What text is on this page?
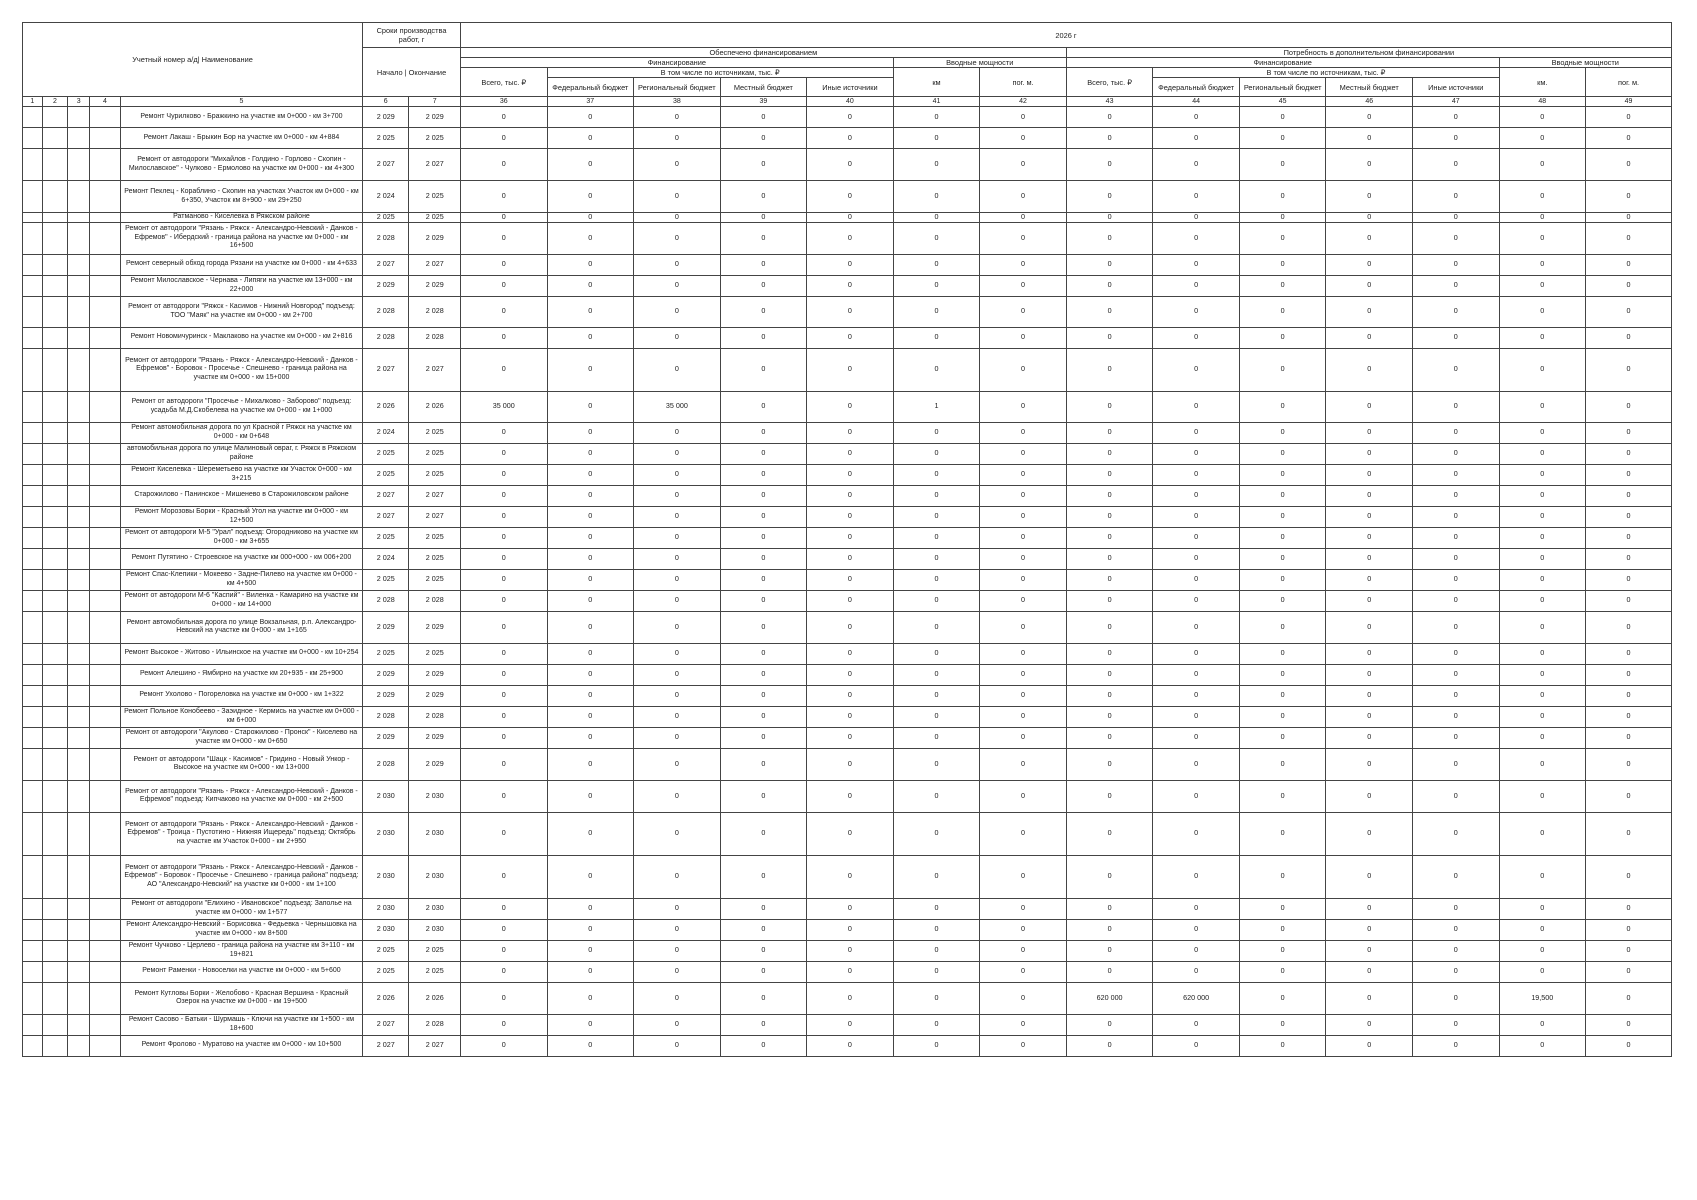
Учетный номер а/д| Наименование					Сроки производства работ, г		2026 г													
					Начало | Окончание		Обеспечено финансированием							Потребность в дополнительном финансировании						
							Финансирование					Вводные мощности		Финансирование					Вводные мощности	
							Всего, тыс. ₽	В том числе по источникам, тыс. ₽				км	пог. м.	Всего, тыс. ₽	В том числе по источникам, тыс. ₽				км.	пог. м.
								Федеральный бюджет	Региональный бюджет	Местный бюджет	Иные источники				Федеральный бюджет	Региональный бюджет	Местный бюджет	Иные источники		
1	2	3	4	5	6	7	36	37	38	39	40	41	42	43	44	45	46	47	48	49
				Ремонт Чурилково - Бражкино на участке км 0+000 - км 3+700	2 029	2 029	0	0	0	0	0	0	0	0	0	0	0	0	0	0
				Ремонт Лакаш - Брыкин Бор на участке км 0+000 - км 4+884	2 025	2 025	0	0	0	0	0	0	0	0	0	0	0	0	0	0
				Ремонт от автодороги "Михайлов - Голдино - Горлово - Скопин - Милославское" - Чулково - Ермолово на участке км 0+000 - км 4+300	2 027	2 027	0	0	0	0	0	0	0	0	0	0	0	0	0	0
				Ремонт Пеклец - Кораблино - Скопин на участках Участок км 0+000 - км 6+350, Участок км 8+900 - км 29+250	2 024	2 025	0	0	0	0	0	0	0	0	0	0	0	0	0	0
				Ратманово - Киселевка в Ряжском районе	2 025	2 025	0	0	0	0	0	0	0	0	0	0	0	0	0	0
				Ремонт от автодороги "Рязань - Ряжск - Александро-Невский - Данков - Ефремов" - Ибердский - граница района на участке км 0+000 - км 16+500	2 028	2 029	0	0	0	0	0	0	0	0	0	0	0	0	0	0
				Ремонт северный обход города Рязани на участке км 0+000 - км 4+633	2 027	2 027	0	0	0	0	0	0	0	0	0	0	0	0	0	0
				Ремонт Милославское - Чернава - Липяги на участке км 13+000 - км 22+000	2 029	2 029	0	0	0	0	0	0	0	0	0	0	0	0	0	0
				Ремонт от автодороги "Ряжск - Касимов - Нижний Новгород" подъезд: ТОО "Маяк" на участке км 0+000 - км 2+700	2 028	2 028	0	0	0	0	0	0	0	0	0	0	0	0	0	0
				Ремонт Новомичуринск - Маклаково на участке км 0+000 - км 2+816	2 028	2 028	0	0	0	0	0	0	0	0	0	0	0	0	0	0
				Ремонт от автодороги "Рязань - Ряжск - Александро-Невский - Данков - Ефремов" - Боровок - Просечье - Спешнево - граница района на участке км 0+000 - км 15+000	2 027	2 027	0	0	0	0	0	0	0	0	0	0	0	0	0	0
				Ремонт от автодороги "Просечье - Михалково - Заборово" подъезд: усадьба М.Д.Скобелева на участке км 0+000 - км 1+000	2 026	2 026	35 000	0	35 000	0	0	1	0	0	0	0	0	0	0	0
				Ремонт автомобильная дорога по ул Красной г Ряжск на участке км 0+000 - км 0+648	2 024	2 025	0	0	0	0	0	0	0	0	0	0	0	0	0	0
				автомобильная дорога по улице Малиновый овраг, г. Ряжск в Ряжском районе	2 025	2 025	0	0	0	0	0	0	0	0	0	0	0	0	0	0
				Ремонт Киселевка - Шереметьево на участке км Участок 0+000 - км 3+215	2 025	2 025	0	0	0	0	0	0	0	0	0	0	0	0	0	0
				Старожилово - Панинское - Мишенево в Старожиловском районе	2 027	2 027	0	0	0	0	0	0	0	0	0	0	0	0	0	0
				Ремонт Морозовы Борки - Красный Угол на участке км 0+000 - км 12+500	2 027	2 027	0	0	0	0	0	0	0	0	0	0	0	0	0	0
				Ремонт от автодороги М-5 "Урал" подъезд: Огородниково на участке км 0+000 - км 3+655	2 025	2 025	0	0	0	0	0	0	0	0	0	0	0	0	0	0
				Ремонт Путятино - Строевское на участке км 000+000 - км 006+200	2 024	2 025	0	0	0	0	0	0	0	0	0	0	0	0	0	0
				Ремонт Спас-Клепики - Мокеево - Задне-Пилево на участке км 0+000 - км 4+500	2 025	2 025	0	0	0	0	0	0	0	0	0	0	0	0	0	0
				Ремонт от автодороги М-6 "Каспий" - Виленка - Камарино на участке км 0+000 - км 14+000	2 028	2 028	0	0	0	0	0	0	0	0	0	0	0	0	0	0
				Ремонт автомобильная дорога по улице Вокзальная, р.п. Александро-Невский на участке км 0+000 - км 1+165	2 029	2 029	0	0	0	0	0	0	0	0	0	0	0	0	0	0
				Ремонт Высокое - Житово - Ильинское на участке км 0+000 - км 10+254	2 025	2 025	0	0	0	0	0	0	0	0	0	0	0	0	0	0
				Ремонт Алешино - Ямбирно на участке км 20+935 - км 25+900	2 029	2 029	0	0	0	0	0	0	0	0	0	0	0	0	0	0
				Ремонт Ухолово - Погореловка на участке км 0+000 - км 1+322	2 029	2 029	0	0	0	0	0	0	0	0	0	0	0	0	0	0
				Ремонт Польное Конобеево - Заэидное - Кермись на участке км 0+000 - км 6+000	2 028	2 028	0	0	0	0	0	0	0	0	0	0	0	0	0	0
				Ремонт от автодороги "Акулово - Старожилово - Пронск" - Киселево на участке км 0+000 - км 0+650	2 029	2 029	0	0	0	0	0	0	0	0	0	0	0	0	0	0
				Ремонт от автодороги "Шацк - Касимов" - Гридино - Новый Ункор - Высокое на участке км 0+000 - км 13+000	2 028	2 029	0	0	0	0	0	0	0	0	0	0	0	0	0	0
				Ремонт от автодороги "Рязань - Ряжск - Александро-Невский - Данков - Ефремов" подъезд: Кипчаково на участке км 0+000 - км 2+500	2 030	2 030	0	0	0	0	0	0	0	0	0	0	0	0	0	0
				Ремонт от автодороги "Рязань - Ряжск - Александро-Невский - Данков - Ефремов" - Троица - Пустотино - Нижняя Ищередь" подъезд: Октябрь на участке км Участок 0+000 - км 2+950	2 030	2 030	0	0	0	0	0	0	0	0	0	0	0	0	0	0
				Ремонт от автодороги "Рязань - Ряжск - Александро-Невский - Данков - Ефремов" - Боровок - Просечье - Спешнево - граница района" подъезд: АО "Александро-Невский" на участке км 0+000 - км 1+100	2 030	2 030	0	0	0	0	0	0	0	0	0	0	0	0	0	0
				Ремонт от автодороги "Елихино - Ивановское" подъезд: Заполье на участке км 0+000 - км 1+577	2 030	2 030	0	0	0	0	0	0	0	0	0	0	0	0	0	0
				Ремонт Александро-Невский - Борисовка - Федьевка - Чернышовка на участке км 0+000 - км 8+500	2 030	2 030	0	0	0	0	0	0	0	0	0	0	0	0	0	0
				Ремонт Чучково - Церлево - граница района на участке км 3+110 - км 19+821	2 025	2 025	0	0	0	0	0	0	0	0	0	0	0	0	0	0
				Ремонт Раменки - Новоселки на участке км 0+000 - км 5+600	2 025	2 025	0	0	0	0	0	0	0	0	0	0	0	0	0	0
				Ремонт Кутловы Борки - Желобово - Красная Вершина - Красный Озерок на участке км 0+000 - км 19+500	2 026	2 026	0	0	0	0	0	0	0	620 000	620 000	0	0	0	19,500	0
				Ремонт Сасово - Батьки - Шурмашь - Ключи на участке км 1+500 - км 18+600	2 027	2 028	0	0	0	0	0	0	0	0	0	0	0	0	0	0
				Ремонт Фролово - Муратово на участке км 0+000 - км 10+500	2 027	2 027	0	0	0	0	0	0	0	0	0	0	0	0	0	0
